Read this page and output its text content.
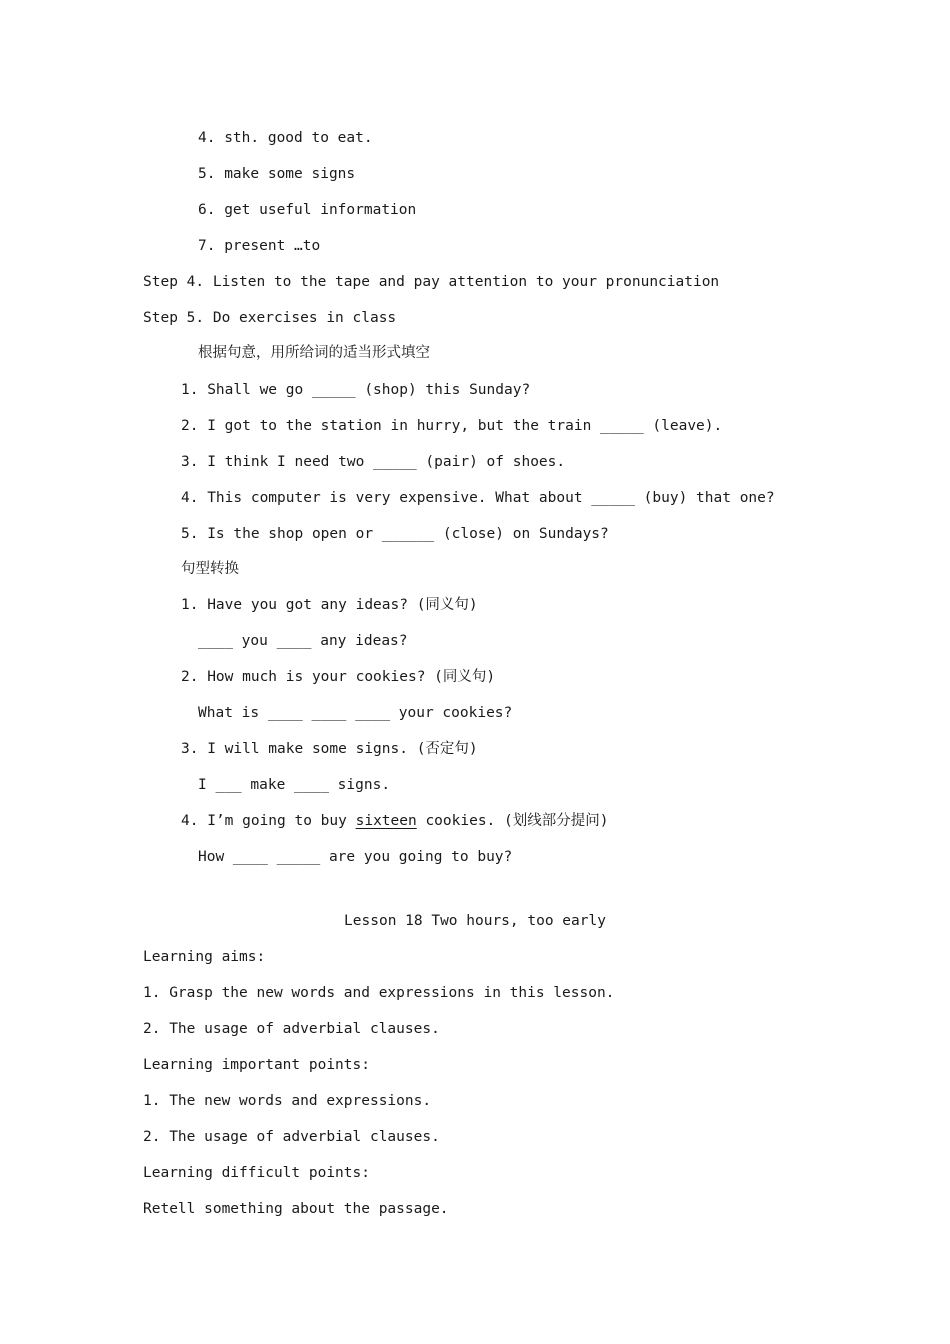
4. sth. good to eat.
5. make some signs
6. get useful information
7. present …to
Step 4. Listen to the tape and pay attention to your pronunciation
Step 5. Do exercises in class
根据句意，用所给词的适当形式填空
1. Shall we go _____ (shop) this Sunday?
2. I got to the station in hurry, but the train _____ (leave).
3. I think I need two _____ (pair) of shoes.
4. This computer is very expensive. What about _____ (buy) that one?
5. Is the shop open or ______ (close) on Sundays?
句型转换
1. Have you got any ideas? (同义句)
____ you ____ any ideas?
2. How much is your cookies? (同义句)
What is ____ ____ ____ your cookies?
3. I will make some signs. (否定句)
I ___ make ____ signs.
4. I’m going to buy sixteen cookies. (划线部分提问)
How ____ _____ are you going to buy?
Lesson 18 Two hours, too early
Learning aims:
1. Grasp the new words and expressions in this lesson.
2. The usage of adverbial clauses.
Learning important points:
1. The new words and expressions.
2. The usage of adverbial clauses.
Learning difficult points:
Retell something about the passage.
